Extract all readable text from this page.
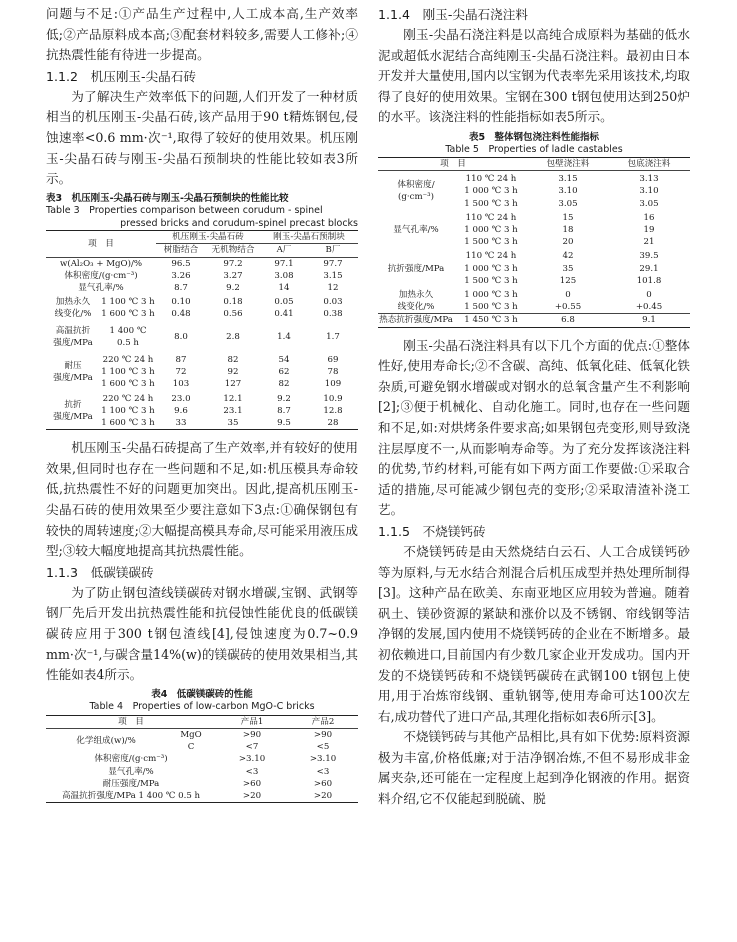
问题与不足:①产品生产过程中,人工成本高,生产效率低;②产品原料成本高;③配套材料较多,需要人工修补;④抗热震性能有待进一步提高。
1.1.2　机压刚玉-尖晶石砖
为了解决生产效率低下的问题,人们开发了一种材质相当的机压刚玉-尖晶石砖,该产品用于90 t精炼钢包,侵蚀速率<0.6 mm·次⁻¹,取得了较好的使用效果。机压刚玉-尖晶石砖与刚玉-尖晶石预制块的性能比较如表3所示。
表3　机压刚玉-尖晶石砖与刚玉-尖晶石预制块的性能比较
Table 3　Properties comparison between corudum - spinel
pressed bricks and corudum-spinel precast blocks
项　目		机压刚玉-尖晶石砖		刚玉-尖晶石预制块	
		树脂结合	无机物结合	A厂	B厂
w(Al₂O₃ + MgO)/%		96.5	97.2	97.1	97.7
体积密度/(g·cm⁻³)		3.26	3.27	3.08	3.15
显气孔率/%		8.7	9.2	14	12
加热永久
线变化/%	1 100 ℃ 3 h	0.10	0.18	0.05	0.03
	1 600 ℃ 3 h	0.48	0.56	0.41	0.38
高温抗折
强度/MPa	1 400 ℃
0.5 h	8.0	2.8	1.4	1.7
耐压
强度/MPa	220 ℃ 24 h	87	82	54	69
	1 100 ℃ 3 h	72	92	62	78
	1 600 ℃ 3 h	103	127	82	109
抗折
强度/MPa	220 ℃ 24 h	23.0	12.1	9.2	10.9
	1 100 ℃ 3 h	9.6	23.1	8.7	12.8
	1 600 ℃ 3 h	33	35	9.5	28
机压刚玉-尖晶石砖提高了生产效率,并有较好的使用效果,但同时也存在一些问题和不足,如:机压模具寿命较低,抗热震性不好的问题更加突出。因此,提高机压刚玉-尖晶石砖的使用效果至少要注意如下3点:①确保钢包有较快的周转速度;②大幅提高模具寿命,尽可能采用液压成型;③较大幅度地提高其抗热震性能。
1.1.3　低碳镁碳砖
为了防止钢包渣线镁碳砖对钢水增碳,宝钢、武钢等钢厂先后开发出抗热震性能和抗侵蚀性能优良的低碳镁碳砖应用于300 t钢包渣线[4],侵蚀速度为0.7~0.9 mm·次⁻¹,与碳含量14%(w)的镁碳砖的使用效果相当,其性能如表4所示。
表4　低碳镁碳砖的性能
Table 4　Properties of low-carbon MgO-C bricks
项　目		产品1	产品2
化学组成(w)/%	MgO	>90	>90
	C	<7	<5
体积密度/(g·cm⁻³)		>3.10	>3.10
显气孔率/%		<3	<3
耐压强度/MPa		>60	>60
高温抗折强度/MPa 1 400 ℃ 0.5 h		>20	>20
1.1.4　刚玉-尖晶石浇注料
刚玉-尖晶石浇注料是以高纯合成原料为基础的低水泥或超低水泥结合高纯刚玉-尖晶石浇注料。最初由日本开发并大量使用,国内以宝钢为代表率先采用该技术,均取得了良好的使用效果。宝钢在300 t钢包使用达到250炉的水平。该浇注料的性能指标如表5所示。
表5　整体钢包浇注料性能指标
Table 5　Properties of ladle castables
项　目		包壁浇注料	包底浇注料
体积密度/
(g·cm⁻³)	110 ℃ 24 h	3.15	3.13
	1 000 ℃ 3 h	3.10	3.10
	1 500 ℃ 3 h	3.05	3.05
显气孔率/%	110 ℃ 24 h	15	16
	1 000 ℃ 3 h	18	19
	1 500 ℃ 3 h	20	21
抗折强度/MPa	110 ℃ 24 h	42	39.5
	1 000 ℃ 3 h	35	29.1
	1 500 ℃ 3 h	125	101.8
加热永久
线变化/%	1 000 ℃ 3 h	0	0
	1 500 ℃ 3 h	+0.55	+0.45
热态抗折强度/MPa	1 450 ℃ 3 h	6.8	9.1
刚玉-尖晶石浇注料具有以下几个方面的优点:①整体性好,使用寿命长;②不含碳、高纯、低氧化硅、低氧化铁杂质,可避免钢水增碳或对钢水的总氧含量产生不利影响[2];③便于机械化、自动化施工。同时,也存在一些问题和不足,如:对烘烤条件要求高;如果钢包壳变形,则导致浇注层厚度不一,从而影响寿命等。为了充分发挥该浇注料的优势,节约材料,可能有如下两方面工作要做:①采取合适的措施,尽可能减少钢包壳的变形;②采取清渣补浇工艺。
1.1.5　不烧镁钙砖
不烧镁钙砖是由天然烧结白云石、人工合成镁钙砂等为原料,与无水结合剂混合后机压成型并热处理所制得[3]。这种产品在欧美、东南亚地区应用较为普遍。随着矾土、镁砂资源的紧缺和涨价以及不锈钢、帘线钢等洁净钢的发展,国内使用不烧镁钙砖的企业在不断增多。最初依赖进口,目前国内有少数几家企业开发成功。国内开发的不烧镁钙砖和不烧镁钙碳砖在武钢100 t钢包上使用,用于冶炼帘线钢、重轨钢等,使用寿命可达100次左右,成功替代了进口产品,其理化指标如表6所示[3]。
不烧镁钙砖与其他产品相比,具有如下优势:原料资源极为丰富,价格低廉;对于洁净钢冶炼,不但不易形成非金属夹杂,还可能在一定程度上起到净化钢液的作用。据资料介绍,它不仅能起到脱硫、脱
